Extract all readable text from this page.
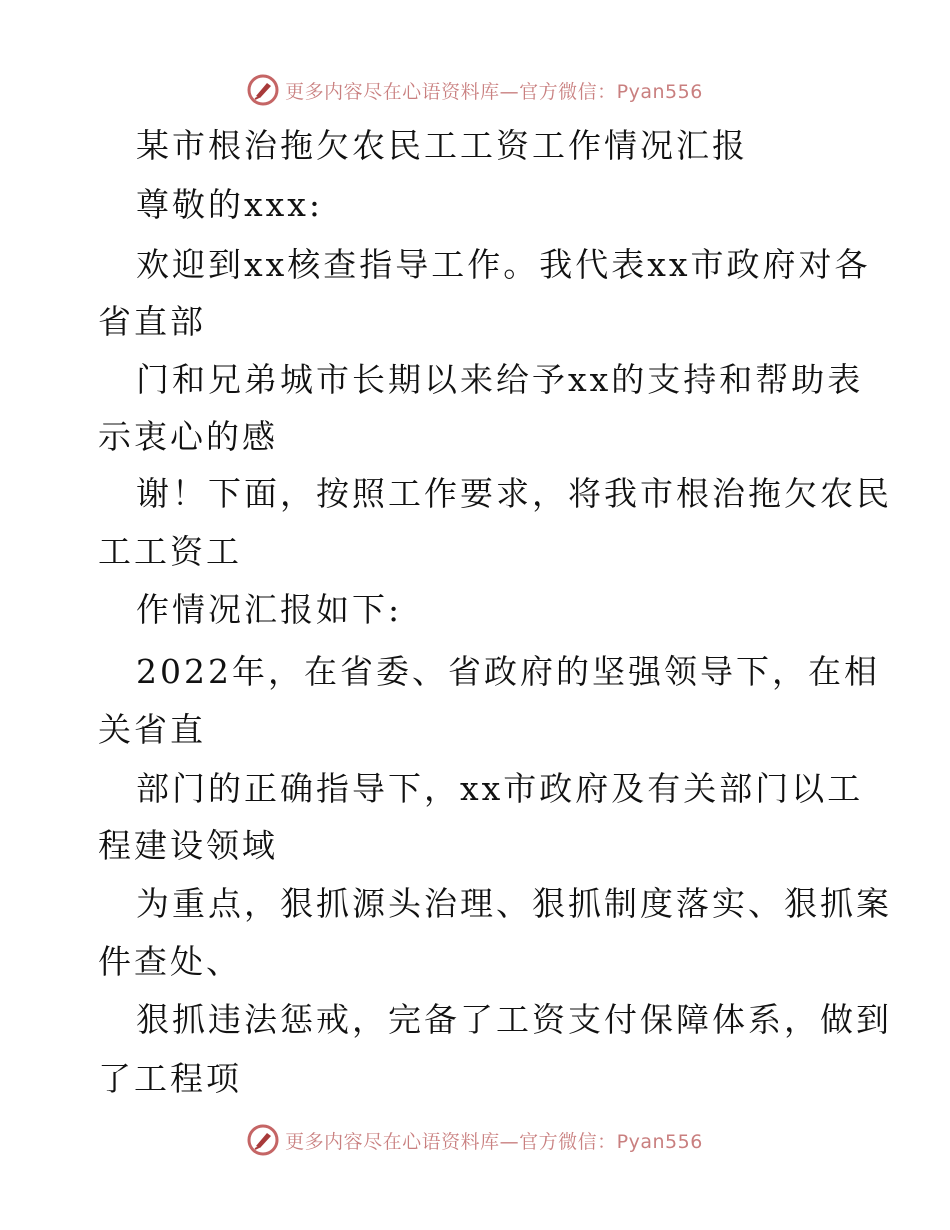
更多内容尽在心语资料库—官方微信：Pyan556
某市根治拖欠农民工工资工作情况汇报
尊敬的xxx:
欢迎到xx核查指导工作。我代表xx市政府对各
省直部
门和兄弟城市长期以来给予xx的支持和帮助表
示衷心的感
谢！下面，按照工作要求，将我市根治拖欠农民
工工资工
作情况汇报如下:
2022年，在省委、省政府的坚强领导下，在相
关省直
部门的正确指导下，xx市政府及有关部门以工
程建设领域
为重点，狠抓源头治理、狠抓制度落实、狠抓案
件查处、
狠抓违法惩戒，完备了工资支付保障体系，做到
了工程项
更多内容尽在心语资料库—官方微信：Pyan556
